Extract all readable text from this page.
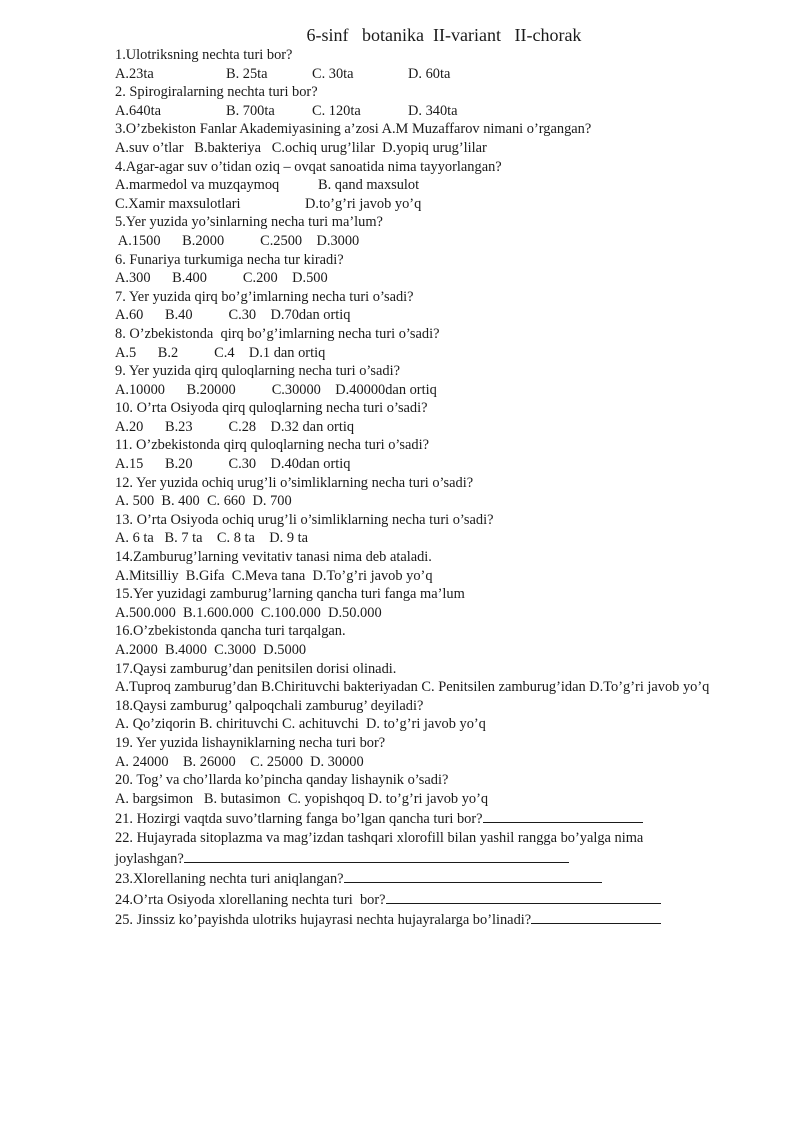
6-sinf   botanika  II-variant   II-chorak

1.Ulotriksning nechta turi bor?

A.23ta	B. 25ta	C. 30ta	D. 60ta

2. Spirogiralarning nechta turi bor?

A.640ta	B. 700ta	C. 120ta	D. 340ta

3.O’zbekiston Fanlar Akademiyasining a’zosi A.M Muzaffarov nimani o’rgangan?

A.suv o’tlar   B.bakteriya   C.ochiq urug’lilar  D.yopiq urug’lilar

4.Agar-agar suv o’tidan oziq – ovqat sanoatida nima tayyorlangan?

A.marmedol va muzqaymoq	B. qand maxsulot

C.Xamir maxsulotlari	D.to’g’ri javob yo’q

5.Yer yuzida yo’sinlarning necha turi ma’lum?

A.1500      B.2000          C.2500    D.3000

6. Funariya turkumiga necha tur kiradi?

A.300      B.400          C.200    D.500

7. Yer yuzida qirq bo’g’imlarning necha turi o’sadi?

A.60      B.40          C.30    D.70dan ortiq

8. O’zbekistonda  qirq bo’g’imlarning necha turi o’sadi?

A.5      B.2          C.4    D.1 dan ortiq

9. Yer yuzida qirq quloqlarning necha turi o’sadi?

A.10000      B.20000          C.30000    D.40000dan ortiq

10. O’rta Osiyoda qirq quloqlarning necha turi o’sadi?

A.20      B.23          C.28    D.32 dan ortiq

11. O’zbekistonda qirq quloqlarning necha turi o’sadi?

A.15      B.20          C.30    D.40dan ortiq

12. Yer yuzida ochiq urug’li o’simliklarning necha turi o’sadi?

A. 500  B. 400  C. 660  D. 700

13. O’rta Osiyoda ochiq urug’li o’simliklarning necha turi o’sadi?

A. 6 ta   B. 7 ta    C. 8 ta    D. 9 ta

14.Zamburug’larning vevitativ tanasi nima deb ataladi.

A.Mitsilliy  B.Gifa  C.Meva tana  D.To’g’ri javob yo’q

15.Yer yuzidagi zamburug’larning qancha turi fanga ma’lum

A.500.000  B.1.600.000  C.100.000  D.50.000

16.O’zbekistonda qancha turi tarqalgan.

A.2000  B.4000  C.3000  D.5000

17.Qaysi zamburug’dan penitsilen dorisi olinadi.

A.Tuproq zamburug’dan B.Chirituvchi bakteriyadan C. Penitsilen zamburug’idan D.To’g’ri javob yo’q

18.Qaysi zamburug’ qalpoqchali zamburug’ deyiladi?

A. Qo’ziqorin B. chirituvchi C. achituvchi  D. to’g’ri javob yo’q

19. Yer yuzida lishayniklarning necha turi bor?

A. 24000    B. 26000    C. 25000  D. 30000

20. Tog’ va cho’llarda ko’pincha qanday lishaynik o’sadi?

A. bargsimon   B. butasimon  C. yopishqoq D. to’g’ri javob yo’q

21. Hozirgi vaqtda suvo’tlarning fanga bo’lgan qancha turi bor?

22. Hujayrada sitoplazma va mag’izdan tashqari xlorofill bilan yashil rangga bo’yalga nima

joylashgan?

23.Xlorellaning nechta turi aniqlangan?

24.O’rta Osiyoda xlorellaning nechta turi  bor?

25. Jinssiz ko’payishda ulotriks hujayrasi nechta hujayralarga bo’linadi?
